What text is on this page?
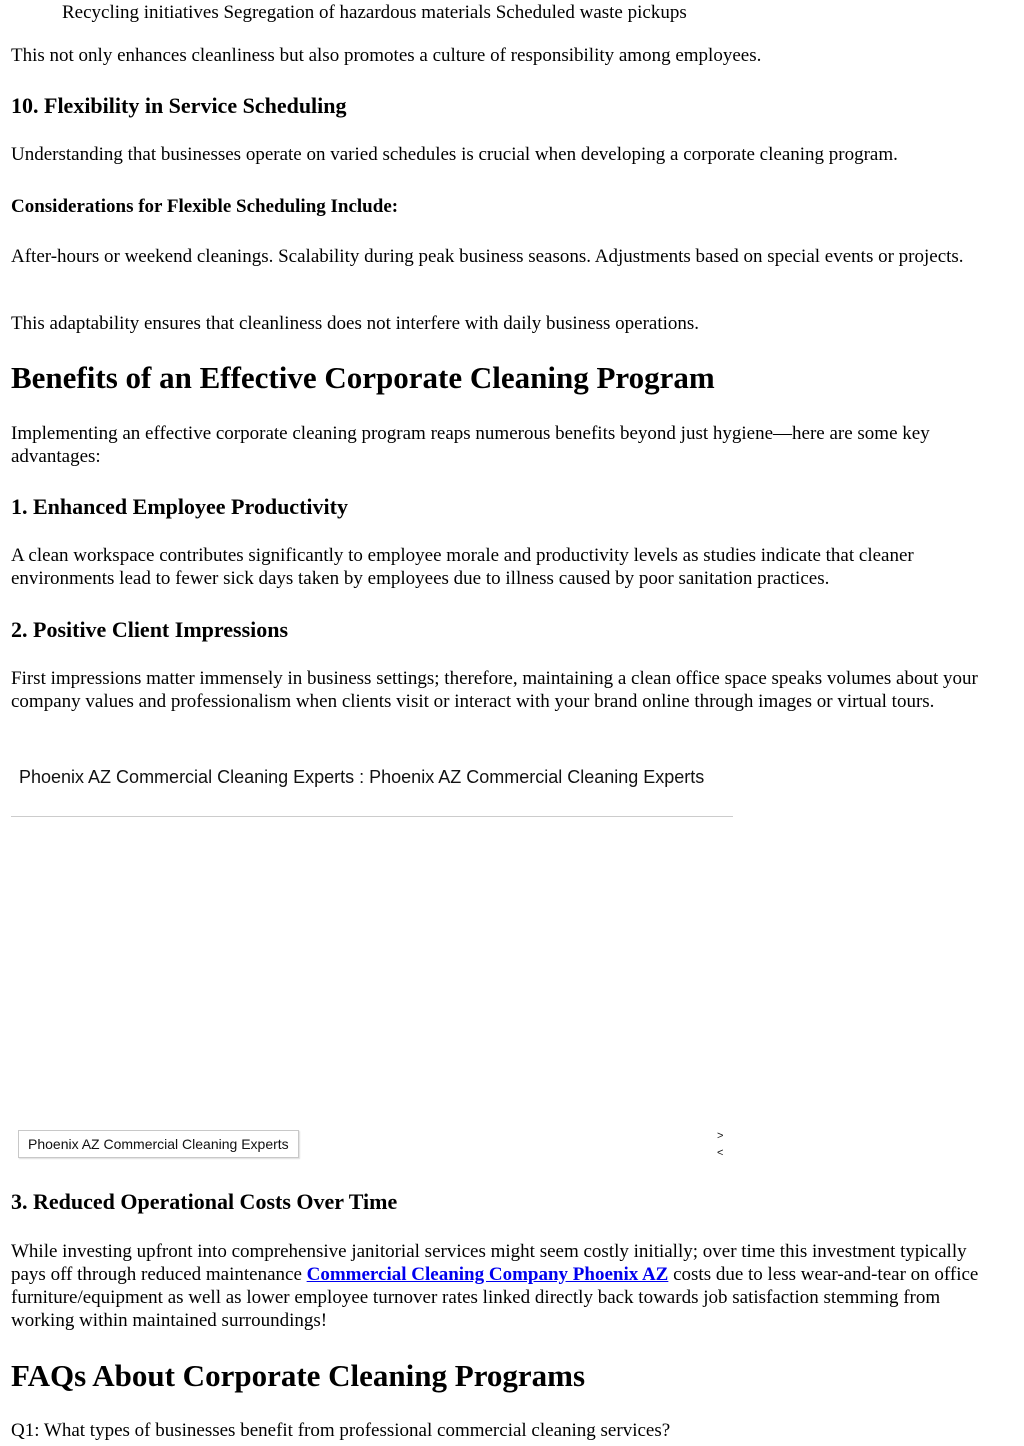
Recycling initiatives Segregation of hazardous materials Scheduled waste pickups

This not only enhances cleanliness but also promotes a culture of responsibility among employees.

10. Flexibility in Service Scheduling

Understanding that businesses operate on varied schedules is crucial when developing a corporate cleaning program.

Considerations for Flexible Scheduling Include:

After-hours or weekend cleanings. Scalability during peak business seasons. Adjustments based on special events or projects.

This adaptability ensures that cleanliness does not interfere with daily business operations.

Benefits of an Effective Corporate Cleaning Program

Implementing an effective corporate cleaning program reaps numerous benefits beyond just hygiene—here are some key advantages:

1. Enhanced Employee Productivity

A clean workspace contributes significantly to employee morale and productivity levels as studies indicate that cleaner environments lead to fewer sick days taken by employees due to illness caused by poor sanitation practices.

2. Positive Client Impressions

First impressions matter immensely in business settings; therefore, maintaining a clean office space speaks volumes about your company values and professionalism when clients visit or interact with your brand online through images or virtual tours.

Phoenix AZ Commercial Cleaning Experts : Phoenix AZ Commercial Cleaning Experts
Phoenix AZ Commercial Cleaning Experts	>
<
3. Reduced Operational Costs Over Time

While investing upfront into comprehensive janitorial services might seem costly initially; over time this investment typically pays off through reduced maintenance Commercial Cleaning Company Phoenix AZ costs due to less wear-and-tear on office furniture/equipment as well as lower employee turnover rates linked directly back towards job satisfaction stemming from working within maintained surroundings!

FAQs About Corporate Cleaning Programs

Q1: What types of businesses benefit from professional commercial cleaning services?
